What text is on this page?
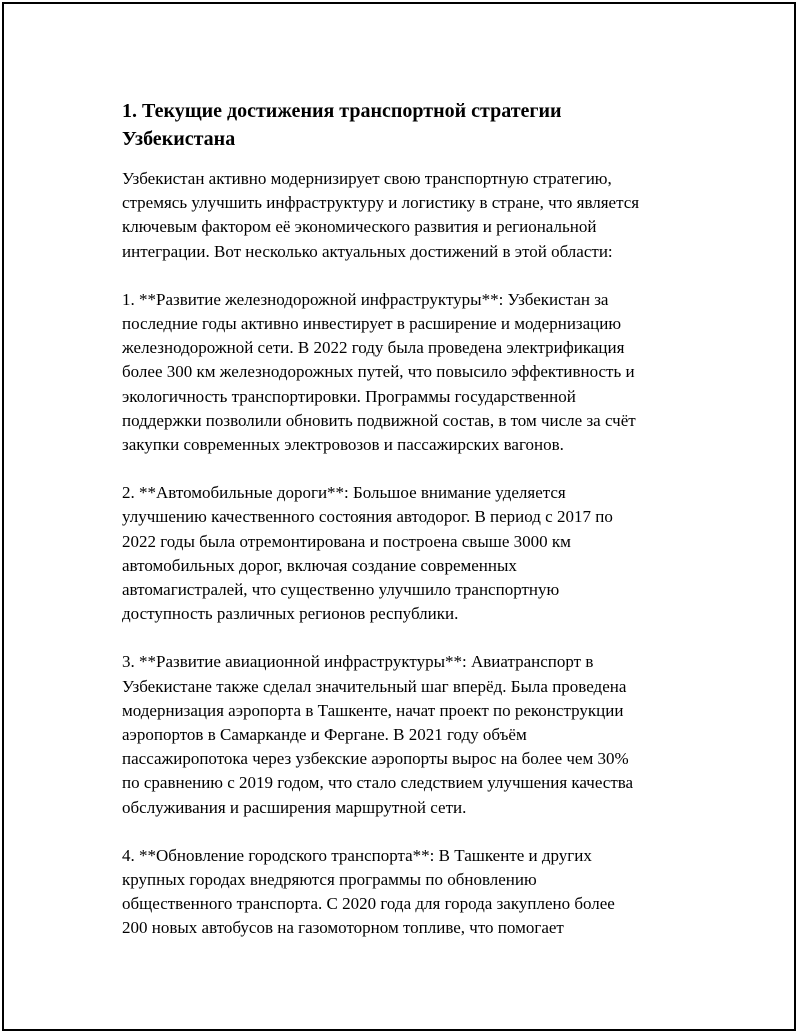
1. Текущие достижения транспортной стратегии
Узбекистана
Узбекистан активно модернизирует свою транспортную стратегию,
стремясь улучшить инфраструктуру и логистику в стране, что является
ключевым фактором её экономического развития и региональной
интеграции. Вот несколько актуальных достижений в этой области:
1. **Развитие железнодорожной инфраструктуры**: Узбекистан за
последние годы активно инвестирует в расширение и модернизацию
железнодорожной сети. В 2022 году была проведена электрификация
более 300 км железнодорожных путей, что повысило эффективность и
экологичность транспортировки. Программы государственной
поддержки позволили обновить подвижной состав, в том числе за счёт
закупки современных электровозов и пассажирских вагонов.
2. **Автомобильные дороги**: Большое внимание уделяется
улучшению качественного состояния автодорог. В период с 2017 по
2022 годы была отремонтирована и построена свыше 3000 км
автомобильных дорог, включая создание современных
автомагистралей, что существенно улучшило транспортную
доступность различных регионов республики.
3. **Развитие авиационной инфраструктуры**: Авиатранспорт в
Узбекистане также сделал значительный шаг вперёд. Была проведена
модернизация аэропорта в Ташкенте, начат проект по реконструкции
аэропортов в Самарканде и Фергане. В 2021 году объём
пассажиропотока через узбекские аэропорты вырос на более чем 30%
по сравнению с 2019 годом, что стало следствием улучшения качества
обслуживания и расширения маршрутной сети.
4. **Обновление городского транспорта**: В Ташкенте и других
крупных городах внедряются программы по обновлению
общественного транспорта. С 2020 года для города закуплено более
200 новых автобусов на газомоторном топливе, что помогает
